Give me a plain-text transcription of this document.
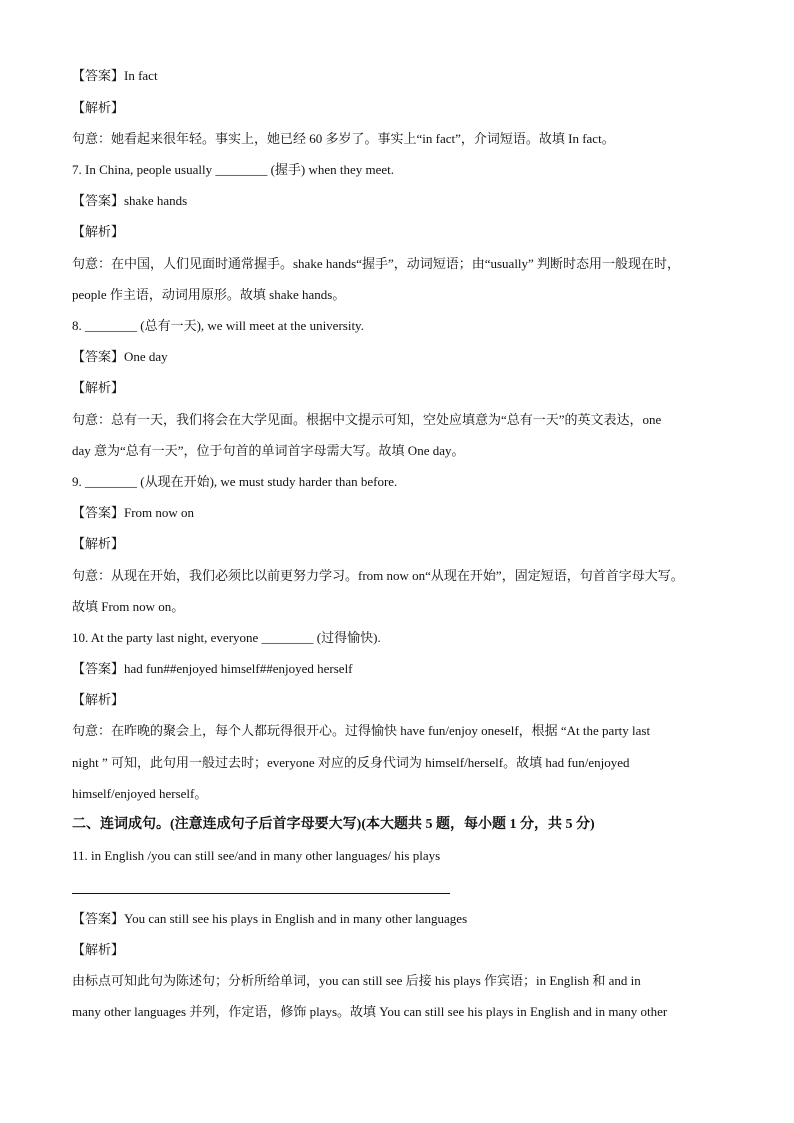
【答案】In fact
【解析】
句意：她看起来很年轻。事实上，她已经 60 多岁了。事实上“in fact”，介词短语。故填 In fact。
7. In China, people usually ________ (握手) when they meet.
【答案】shake hands
【解析】
句意：在中国，人们见面时通常握手。shake hands“握手”，动词短语；由“usually” 判断时态用一般现在时，
people 作主语，动词用原形。故填 shake hands。
8. ________ (总有一天), we will meet at the university.
【答案】One day
【解析】
句意：总有一天，我们将会在大学见面。根据中文提示可知，空处应填意为“总有一天”的英文表达，one
day 意为“总有一天”，位于句首的单词首字母需大写。故填 One day。
9. ________ (从现在开始), we must study harder than before.
【答案】From now on
【解析】
句意：从现在开始，我们必须比以前更努力学习。from now on“从现在开始”，固定短语，句首首字母大写。
故填 From now on。
10. At the party last night, everyone ________ (过得愉快).
【答案】had fun##enjoyed himself##enjoyed herself
【解析】
句意：在昨晚的聚会上，每个人都玩得很开心。过得愉快 have fun/enjoy oneself，根据 “At the party last
night ” 可知，此句用一般过去时；everyone 对应的反身代词为 himself/herself。故填 had fun/enjoyed
himself/enjoyed herself。
二、连词成句。(注意连成句子后首字母要大写)(本大题共 5 题，每小题 1 分，共 5 分)
11. in English /you can still see/and in many other languages/ his plays
【答案】You can still see his plays in English and in many other languages
【解析】
由标点可知此句为陈述句；分析所给单词，you can still see 后接 his plays 作宾语；in English 和 and in
many other languages 并列，作定语，修饰 plays。故填 You can still see his plays in English and in many other
